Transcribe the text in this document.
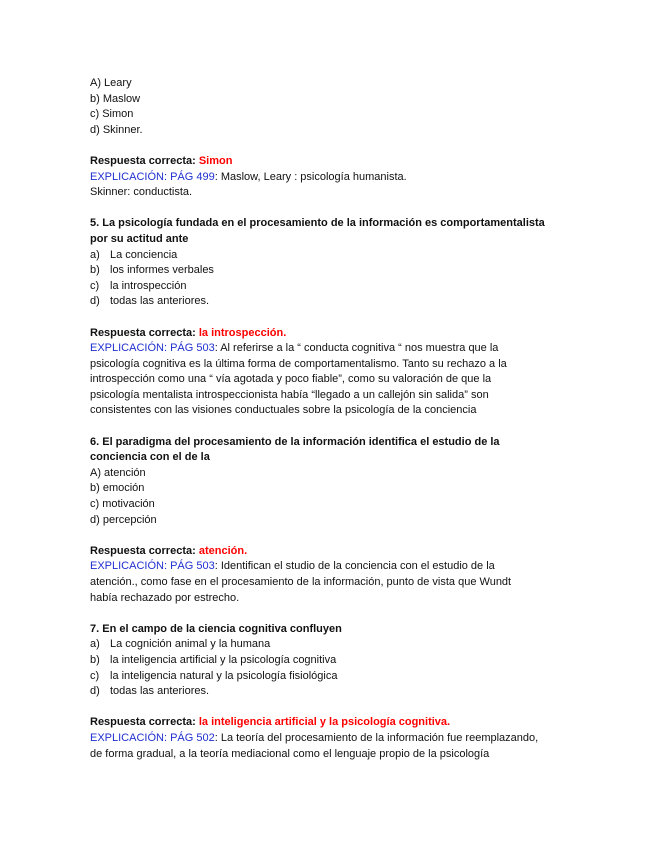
A) Leary
b) Maslow
c) Simon
d) Skinner.
Respuesta correcta: Simon
EXPLICACIÓN: PÁG 499: Maslow, Leary : psicología humanista.
Skinner: conductista.
5. La psicología fundada en el procesamiento de la información es comportamentalista
por su actitud ante
a) La conciencia
b) los informes verbales
c) la introspección
d) todas las anteriores.
Respuesta correcta: la introspección.
EXPLICACIÓN: PÁG 503: Al referirse a la “ conducta cognitiva “ nos muestra que la
psicología cognitiva es la última forma de comportamentalismo. Tanto su rechazo a la
introspección como una “ vía agotada y poco fiable”, como su valoración de que la
psicología mentalista introspeccionista había “llegado a un callejón sin salida” son
consistentes con las visiones conductuales sobre la psicología de la conciencia
6. El paradigma del procesamiento de la información identifica el estudio de la
conciencia con el de la
A) atención
b) emoción
c) motivación
d) percepción
Respuesta correcta: atención.
EXPLICACIÓN: PÁG 503: Identifican el studio de la conciencia con el estudio de la
atención., como fase en el procesamiento de la información, punto de vista que Wundt
había rechazado por estrecho.
7. En el campo de la ciencia cognitiva confluyen
a) La cognición animal y la humana
b) la inteligencia artificial y la psicología cognitiva
c) la inteligencia natural y la psicología fisiológica
d) todas las anteriores.
Respuesta correcta: la inteligencia artificial y la psicología cognitiva.
EXPLICACIÓN: PÁG 502: La teoría del procesamiento de la información fue reemplazando,
de forma gradual, a la teoría mediacional como el lenguaje propio de la psicología
